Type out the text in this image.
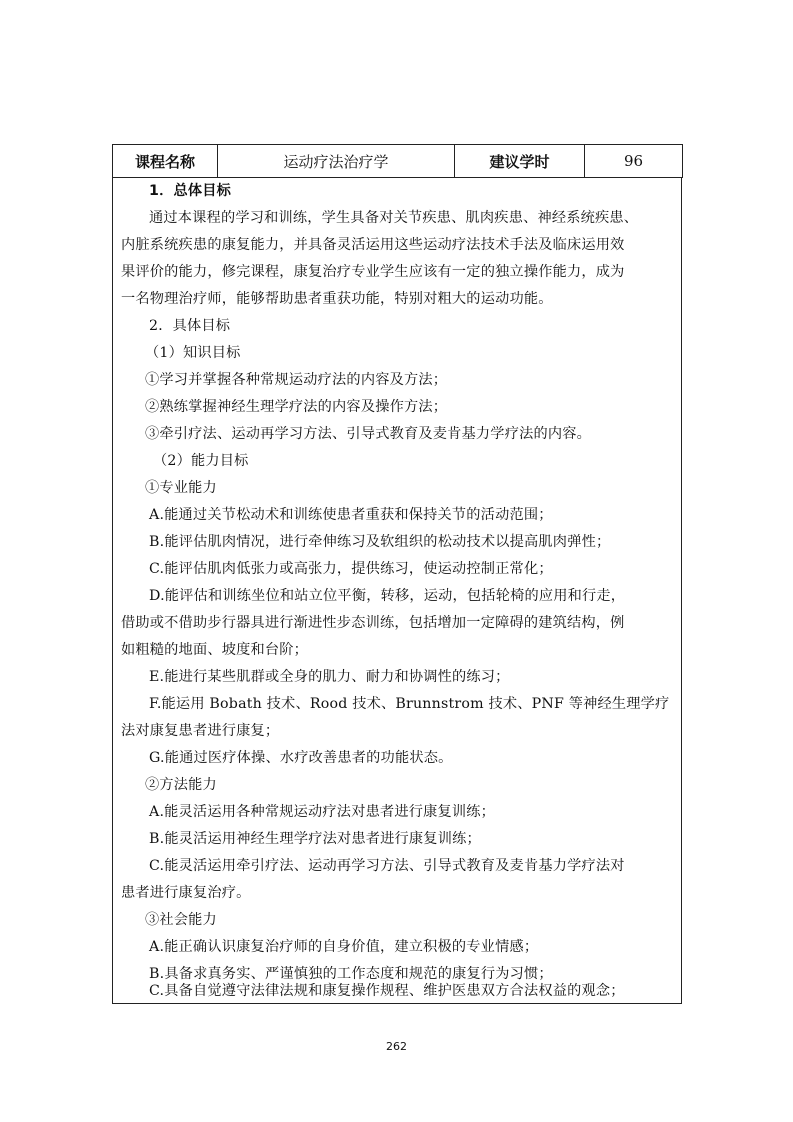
课程名称	运动疗法治疗学	建议学时	96
1．总体目标
通过本课程的学习和训练，学生具备对关节疾患、肌肉疾患、神经系统疾患、
内脏系统疾患的康复能力，并具备灵活运用这些运动疗法技术手法及临床运用效
果评价的能力，修完课程，康复治疗专业学生应该有一定的独立操作能力，成为
一名物理治疗师，能够帮助患者重获功能，特别对粗大的运动功能。
2．具体目标
（1）知识目标
①学习并掌握各种常规运动疗法的内容及方法；
②熟练掌握神经生理学疗法的内容及操作方法；
③牵引疗法、运动再学习方法、引导式教育及麦肯基力学疗法的内容。
（2）能力目标
①专业能力
A.能通过关节松动术和训练使患者重获和保持关节的活动范围；
B.能评估肌肉情况，进行牵伸练习及软组织的松动技术以提高肌肉弹性；
C.能评估肌肉低张力或高张力，提供练习，使运动控制正常化；
D.能评估和训练坐位和站立位平衡，转移，运动，包括轮椅的应用和行走，
借助或不借助步行器具进行渐进性步态训练，包括增加一定障碍的建筑结构，例
如粗糙的地面、坡度和台阶；
E.能进行某些肌群或全身的肌力、耐力和协调性的练习；
F.能运用 Bobath 技术、Rood 技术、Brunnstrom 技术、PNF 等神经生理学疗
法对康复患者进行康复；
G.能通过医疗体操、水疗改善患者的功能状态。
②方法能力
A.能灵活运用各种常规运动疗法对患者进行康复训练；
B.能灵活运用神经生理学疗法对患者进行康复训练；
C.能灵活运用牵引疗法、运动再学习方法、引导式教育及麦肯基力学疗法对
患者进行康复治疗。
③社会能力
A.能正确认识康复治疗师的自身价值，建立积极的专业情感；
B.具备求真务实、严谨慎独的工作态度和规范的康复行为习惯；
C.具备自觉遵守法律法规和康复操作规程、维护医患双方合法权益的观念；
262
